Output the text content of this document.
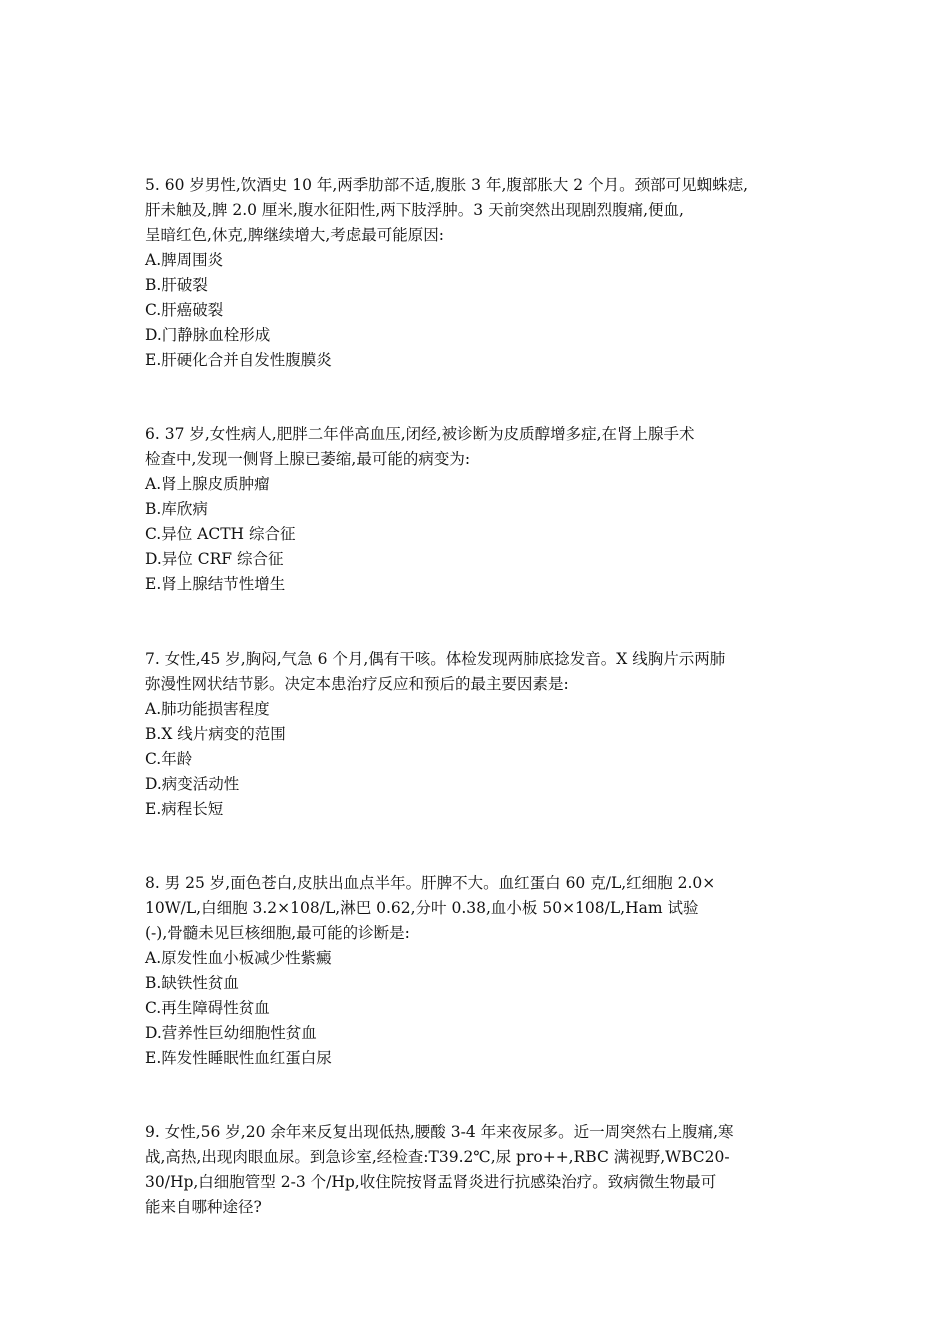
5. 60 岁男性,饮酒史 10 年,两季肋部不适,腹胀 3 年,腹部胀大 2 个月。颈部可见蜘蛛痣,
肝未触及,脾 2.0 厘米,腹水征阳性,两下肢浮肿。3 天前突然出现剧烈腹痛,便血,
呈暗红色,休克,脾继续增大,考虑最可能原因:
A.脾周围炎
B.肝破裂
C.肝癌破裂
D.门静脉血栓形成
E.肝硬化合并自发性腹膜炎
6. 37 岁,女性病人,肥胖二年伴高血压,闭经,被诊断为皮质醇增多症,在肾上腺手术
检查中,发现一侧肾上腺已萎缩,最可能的病变为:
A.肾上腺皮质肿瘤
B.库欣病
C.异位 ACTH 综合征
D.异位 CRF 综合征
E.肾上腺结节性增生
7. 女性,45 岁,胸闷,气急 6 个月,偶有干咳。体检发现两肺底捻发音。X 线胸片示两肺
弥漫性网状结节影。决定本患治疗反应和预后的最主要因素是:
A.肺功能损害程度
B.X 线片病变的范围
C.年龄
D.病变活动性
E.病程长短
8. 男 25 岁,面色苍白,皮肤出血点半年。肝脾不大。血红蛋白 60 克/L,红细胞 2.0×
10W/L,白细胞 3.2×108/L,淋巴 0.62,分叶 0.38,血小板 50×108/L,Ham 试验
(-),骨髓未见巨核细胞,最可能的诊断是:
A.原发性血小板减少性紫癜
B.缺铁性贫血
C.再生障碍性贫血
D.营养性巨幼细胞性贫血
E.阵发性睡眠性血红蛋白尿
9. 女性,56 岁,20 余年来反复出现低热,腰酸 3-4 年来夜尿多。近一周突然右上腹痛,寒
战,高热,出现肉眼血尿。到急诊室,经检查:T39.2℃,尿 pro++,RBC 满视野,WBC20-
30/Hp,白细胞管型 2-3 个/Hp,收住院按肾盂肾炎进行抗感染治疗。致病微生物最可
能来自哪种途径?
